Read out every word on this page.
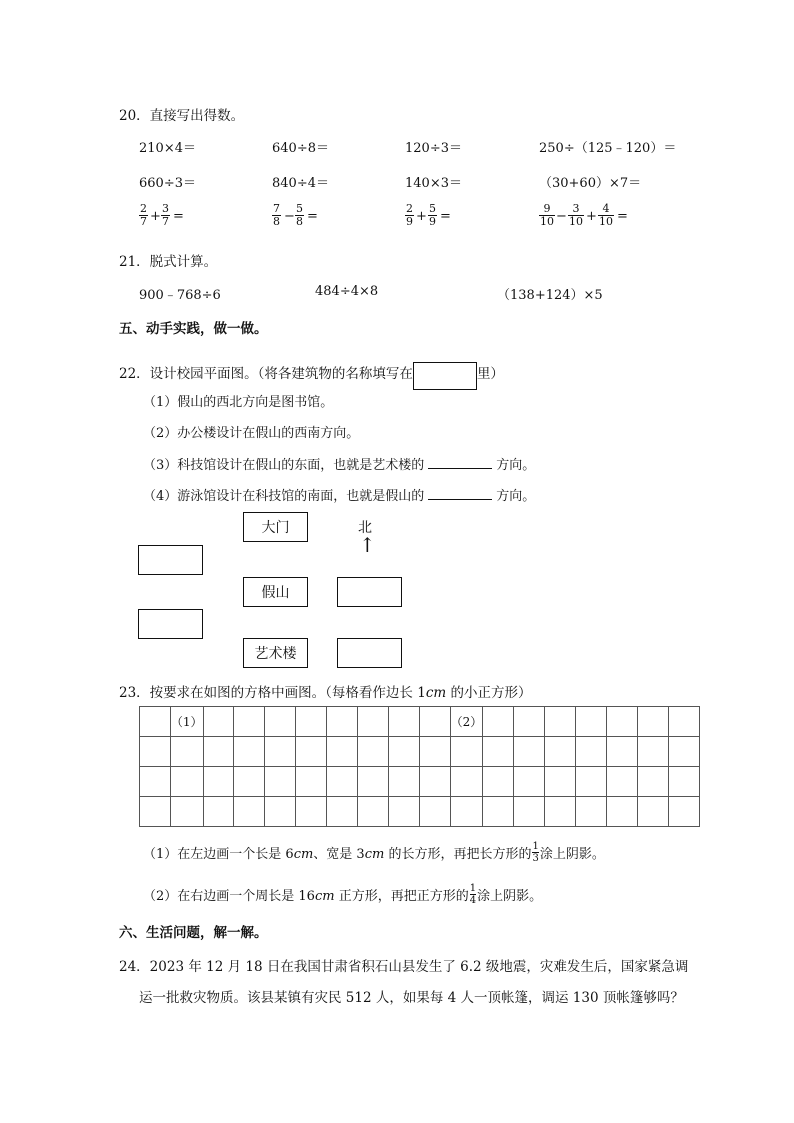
20．直接写出得数。
210×4＝	640÷8＝	120÷3＝	250÷（125﹣120）＝
660÷3＝	840÷4＝	140×3＝	（30+60）×7＝
$\frac{2}{7} + \frac{3}{7}$ =	$\frac{7}{8} - \frac{5}{8}$ =	$\frac{2}{9} + \frac{5}{9}$ =	$\frac{9}{10} - \frac{3}{10} + \frac{4}{10}$ =
21．脱式计算。
900﹣768÷6	484÷4×8	（138+124）×5
五、动手实践，做一做。
22．设计校园平面图。（将各建筑物的名称填写在	里）
（1）假山的西北方向是图书馆。
（2）办公楼设计在假山的西南方向。
（3）科技馆设计在假山的东面，也就是艺术楼的	方向。
（4）游泳馆设计在科技馆的南面，也就是假山的	方向。
大门	北
↑
假山
艺术楼
23．按要求在如图的方格中画图。（每格看作边长 1cm 的小正方形）
	（1）									（2）							

（1）在左边画一个长是 6cm、宽是 3cm 的长方形，再把长方形的 $\frac{1}{3}$ 涂上阴影。
（2）在右边画一个周长是 16cm 正方形，再把正方形的 $\frac{1}{4}$ 涂上阴影。
六、生活问题，解一解。
24．2023 年 12 月 18 日在我国甘肃省积石山县发生了 6.2 级地震，灾难发生后，国家紧急调
运一批救灾物质。该县某镇有灾民 512 人，如果每 4 人一顶帐篷，调运 130 顶帐篷够吗？
